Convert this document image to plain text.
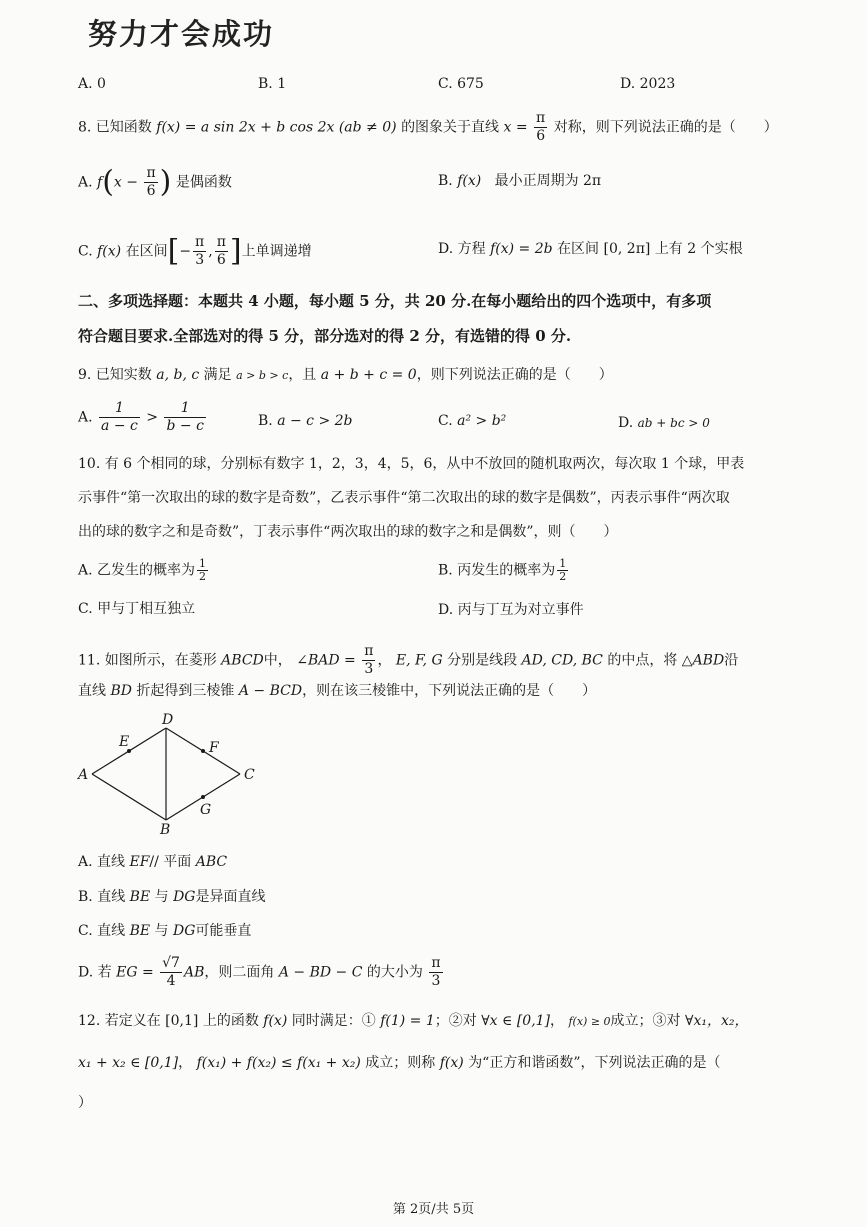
努力才会成功
A. 0	B. 1	C. 675	D. 2023
8. 已知函数 f(x) = a sin 2x + b cos 2x (ab ≠ 0) 的图象关于直线 $x = \frac{\pi}{6}$ 对称，则下列说法正确的是（　　）
A. $f(x - \frac{\pi}{6}$ ) 是偶函数	B. f(x) 最小正周期为 2π
C. f(x) 在区间[− $\frac{\pi}{3}$ , $\frac{\pi}{6}$ ]上单调递增	D. 方程 f(x) = 2b 在区间 [0, 2π] 上有 2 个实根
二、多项选择题：本题共 4 小题，每小题 5 分，共 20 分.在每小题给出的四个选项中，有多项
符合题目要求.全部选对的得 5 分，部分选对的得 2 分，有选错的得 0 分.
9. 已知实数 a, b, c 满足 a > b > c，且 a + b + c = 0，则下列说法正确的是（　　）
A. $\frac{1}{a - c} > \frac{1}{b - c}$	B. a − c > 2b	C. a² > b²	D. ab + bc > 0
10. 有 6 个相同的球，分别标有数字 1，2，3，4，5，6，从中不放回的随机取两次，每次取 1 个球，甲表
示事件“第一次取出的球的数字是奇数”，乙表示事件“第二次取出的球的数字是偶数”，丙表示事件“两次取
出的球的数字之和是奇数”，丁表示事件“两次取出的球的数字之和是偶数”，则（　　）
A. 乙发生的概率为 $\frac{1}{2}$	B. 丙发生的概率为 $\frac{1}{2}$
C. 甲与丁相互独立	D. 丙与丁互为对立事件
11. 如图所示，在菱形 ABCD中， ∠BAD = $\frac{\pi}{3}$ ， E, F, G 分别是线段 AD, CD, BC 的中点，将 △ABD沿
直线 BD 折起得到三棱锥 A − BCD，则在该三棱锥中，下列说法正确的是（　　）
A
D
C
B
E	F
G
A. 直线 EF// 平面 ABC
B. 直线 BE 与 DG是异面直线
C. 直线 BE 与 DG可能垂直
D. 若 EG = $\frac{√7}{4}$ AB，则二面角 A − BD − C 的大小为 $\frac{\pi}{3}$
12. 若定义在 [0,1] 上的函数 f(x) 同时满足：① f(1) = 1；②对 ∀x ∈ [0,1]， f(x) ≥ 0成立；③对 ∀x₁，x₂，
x₁ + x₂ ∈ [0,1]， f(x₁) + f(x₂) ≤ f(x₁ + x₂) 成立；则称 f(x) 为“正方和谐函数”，下列说法正确的是（
）
第 2页/共 5页
